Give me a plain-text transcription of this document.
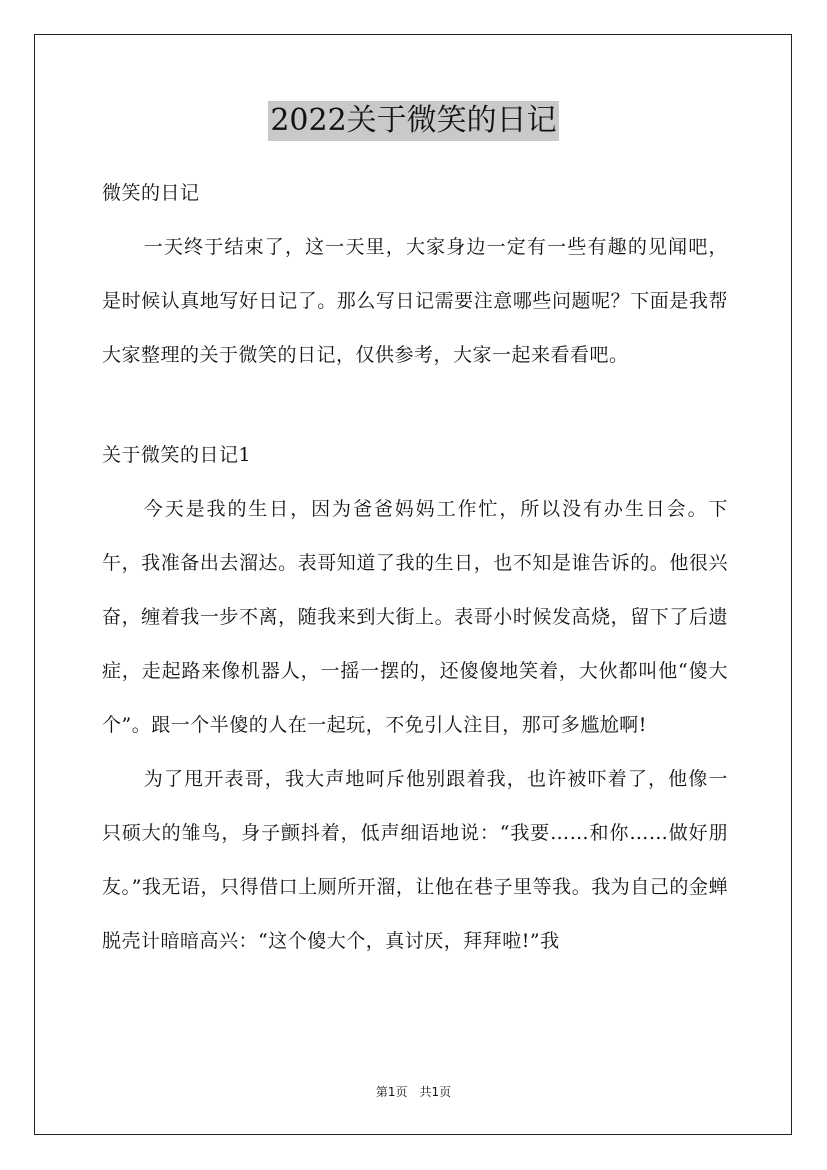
2022关于微笑的日记

微笑的日记

一天终于结束了，这一天里，大家身边一定有一些有趣的见闻吧，是时候认真地写好日记了。那么写日记需要注意哪些问题呢？下面是我帮大家整理的关于微笑的日记，仅供参考，大家一起来看看吧。

关于微笑的日记1

今天是我的生日，因为爸爸妈妈工作忙，所以没有办生日会。下午，我准备出去溜达。表哥知道了我的生日，也不知是谁告诉的。他很兴奋，缠着我一步不离，随我来到大街上。表哥小时候发高烧，留下了后遗症，走起路来像机器人，一摇一摆的，还傻傻地笑着，大伙都叫他“傻大个”。跟一个半傻的人在一起玩，不免引人注目，那可多尴尬啊!

为了甩开表哥，我大声地呵斥他别跟着我，也许被吓着了，他像一只硕大的雏鸟，身子颤抖着，低声细语地说：“我要……和你……做好朋友。”我无语，只得借口上厕所开溜，让他在巷子里等我。我为自己的金蝉脱壳计暗暗高兴：“这个傻大个，真讨厌，拜拜啦!”我

第1页　共1页
